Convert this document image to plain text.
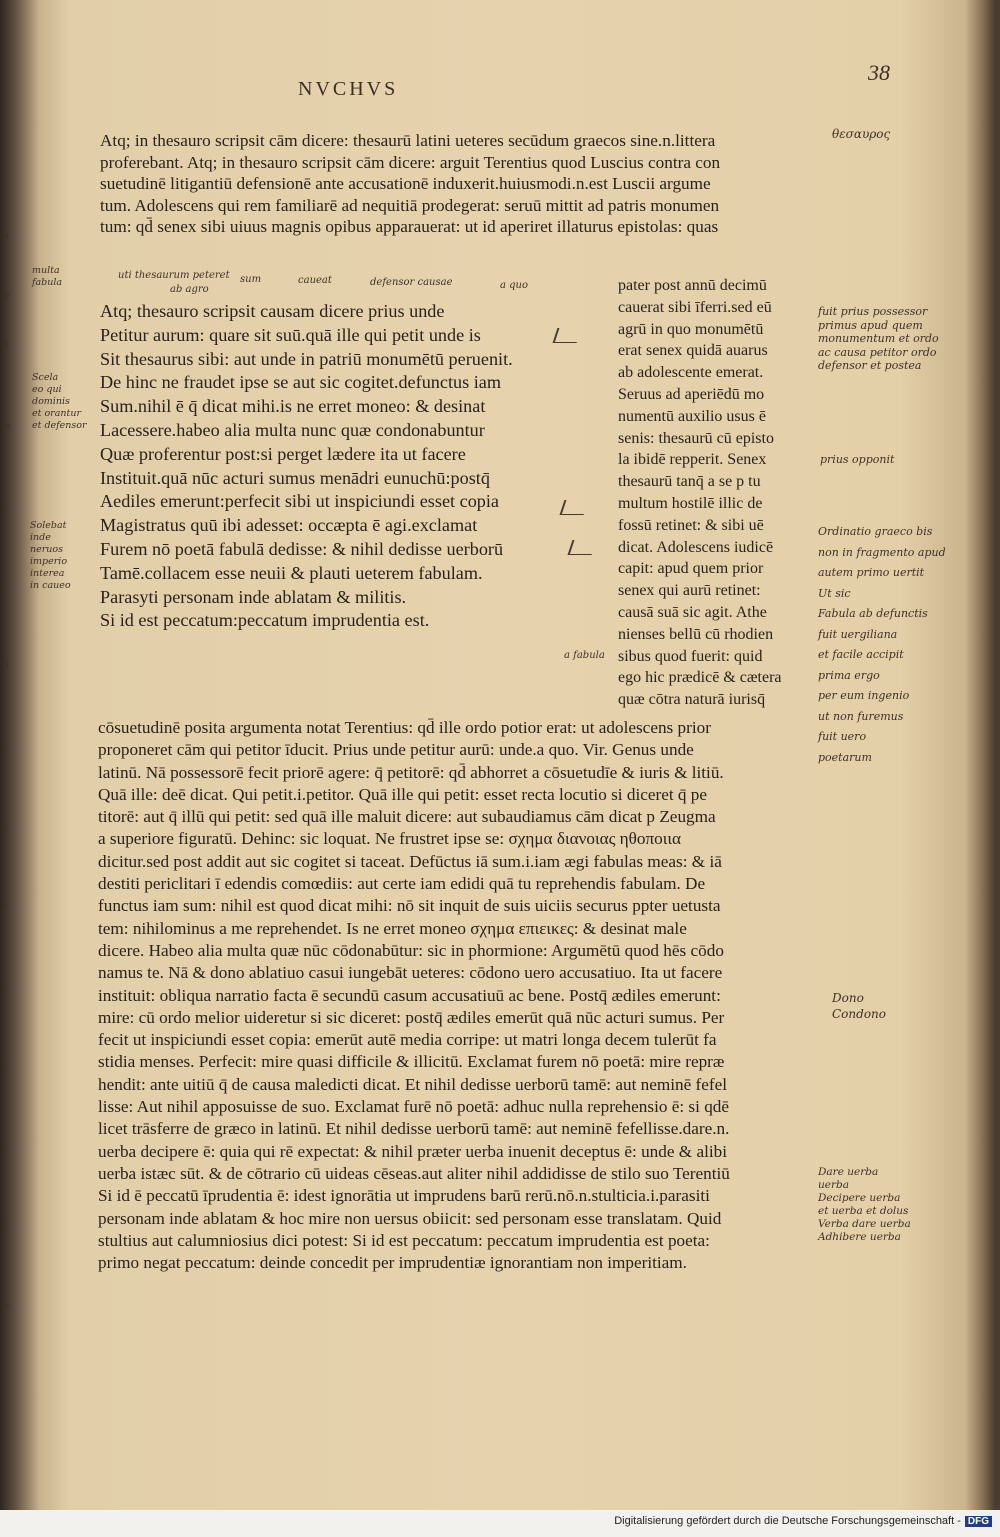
m
se
di
eu
a
r
ci
u
ti
n
o
h
b
d
tu
38
NVCHVS
Atq; in thesauro scripsit cām dicere: thesaurū latini ueteres secūdum graecos sine.n.littera
proferebant. Atq; in thesauro scripsit cām dicere: arguit Terentius quod Luscius contra con
suetudinē litigantiū defensionē ante accusationē induxerit.huiusmodi.n.est Luscii argume
tum. Adolescens qui rem familiarē ad nequitiā prodegerat: seruū mittit ad patris monumen
tum: qd̄ senex sibi uiuus magnis opibus apparauerat: ut id aperiret illaturus epistolas: quas
Atq; thesauro scripsit causam dicere prius unde
Petitur aurum: quare sit suū.quā ille qui petit unde is
Sit thesaurus sibi: aut unde in patriū monumētū peruenit.
De hinc ne fraudet ipse se aut sic cogitet.defunctus iam
Sum.nihil ē q̄ dicat mihi.is ne erret moneo: & desinat
Lacessere.habeo alia multa nunc quæ condonabuntur
Quæ proferentur post:si perget lædere ita ut facere
Instituit.quā nūc acturi sumus menādri eunuchū:postq̄
Aediles emerunt:perfecit sibi ut inspiciundi esset copia
Magistratus quū ibi adesset: occæpta ē agi.exclamat
Furem nō poetā fabulā dedisse: & nihil dedisse uerborū
Tamē.collacem esse neuii & plauti ueterem fabulam.
Parasyti personam inde ablatam & militis.
Si id est peccatum:peccatum imprudentia est.
pater post annū decimū
cauerat sibi īferri.sed eū
agrū in quo monumētū
erat senex quidā auarus
ab adolescente emerat.
Seruus ad aperiēdū mo
numentū auxilio usus ē
senis: thesaurū cū episto
la ibidē repperit. Senex
thesaurū tanq̄ a se p tu
multum hostilē illic de
fossū retinet: & sibi uē
dicat. Adolescens iudicē
capit: apud quem prior
senex qui aurū retinet:
causā suā sic agit. Athe
nienses bellū cū rhodien
sibus quod fuerit: quid
ego hic prædicē & cætera
quæ cōtra naturā iurisq̄
cōsuetudinē posita argumenta notat Terentius: qd̄ ille ordo potior erat: ut adolescens prior
proponeret cām qui petitor īducit. Prius unde petitur aurū: unde.a quo. Vir. Genus unde
latinū. Nā possessorē fecit priorē agere: q̄ petitorē: qd̄ abhorret a cōsuetudīe & iuris & litiū.
Quā ille: deē dicat. Qui petit.i.petitor. Quā ille qui petit: esset recta locutio si diceret q̄ pe
titorē: aut q̄ illū qui petit: sed quā ille maluit dicere: aut subaudiamus cām dicat p Zeugma
a superiore figuratū. Dehinc: sic loquat. Ne frustret ipse se: σχημα διανοιας ηθοποιια
dicitur.sed post addit aut sic cogitet si taceat. Defūctus iā sum.i.iam ægi fabulas meas: & iā
destiti periclitari ī edendis comœdiis: aut certe iam edidi quā tu reprehendis fabulam. De
functus iam sum: nihil est quod dicat mihi: nō sit inquit de suis uiciis securus ppter uetusta
tem: nihilominus a me reprehendet. Is ne erret moneo σχημα επιεικες: & desinat male
dicere. Habeo alia multa quæ nūc cōdonabūtur: sic in phormione: Argumētū quod hēs cōdo
namus te. Nā & dono ablatiuo casui iungebāt ueteres: cōdono uero accusatiuo. Ita ut facere
instituit: obliqua narratio facta ē secundū casum accusatiuū ac bene. Postq̄ ædiles emerunt:
mire: cū ordo melior uideretur si sic diceret: postq̄ ædiles emerūt quā nūc acturi sumus. Per
fecit ut inspiciundi esset copia: emerūt autē media corripe: ut matri longa decem tulerūt fa
stidia menses. Perfecit: mire quasi difficile & illicitū. Exclamat furem nō poetā: mire repræ
hendit: ante uitiū q̄ de causa maledicti dicat. Et nihil dedisse uerborū tamē: aut neminē fefel
lisse: Aut nihil apposuisse de suo. Exclamat furē nō poetā: adhuc nulla reprehensio ē: si qdē
licet trāsferre de græco in latinū. Et nihil dedisse uerborū tamē: aut neminē fefellisse.dare.n.
uerba decipere ē: quia qui rē expectat: & nihil præter uerba inuenit deceptus ē: unde & alibi
uerba istæc sūt. & de cōtrario cū uideas cēseas.aut aliter nihil addidisse de stilo suo Terentiū
Si id ē peccatū īprudentia ē: idest ignorātia ut imprudens barū rerū.nō.n.stulticia.i.parasiti
personam inde ablatam & hoc mire non uersus obiicit: sed personam esse translatam. Quid
stultius aut calumniosius dici potest: Si id est peccatum: peccatum imprudentia est poeta:
primo negat peccatum: deinde concedit per imprudentiæ ignorantiam non imperitiam.
θεσαυρος
fuit prius possessor
primus apud quem
monumentum et ordo
ac causa petitor ordo
defensor et postea
prius opponit
Ordinatio graeco bis
non in fragmento apud
autem primo uertit
Ut sic
Fabula ab defunctis
fuit uergiliana
et facile accipit
prima ergo
per eum ingenio
ut non furemus
fuit uero
poetarum
Dono
Condono
Dare uerba
uerba
Decipere uerba
et uerba et dolus
Verba dare uerba
Adhibere uerba
multa
fabula
Scela
eo qui
dominis
et orantur
et defensor
Solebat
inde
neruos
imperio
interea
in caueo
uti thesaurum peteret
ab agro
sum	caueat	defensor causae	a quo
a fabula
Digitalisierung gefördert durch die Deutsche Forschungsgemeinschaft - DFG
